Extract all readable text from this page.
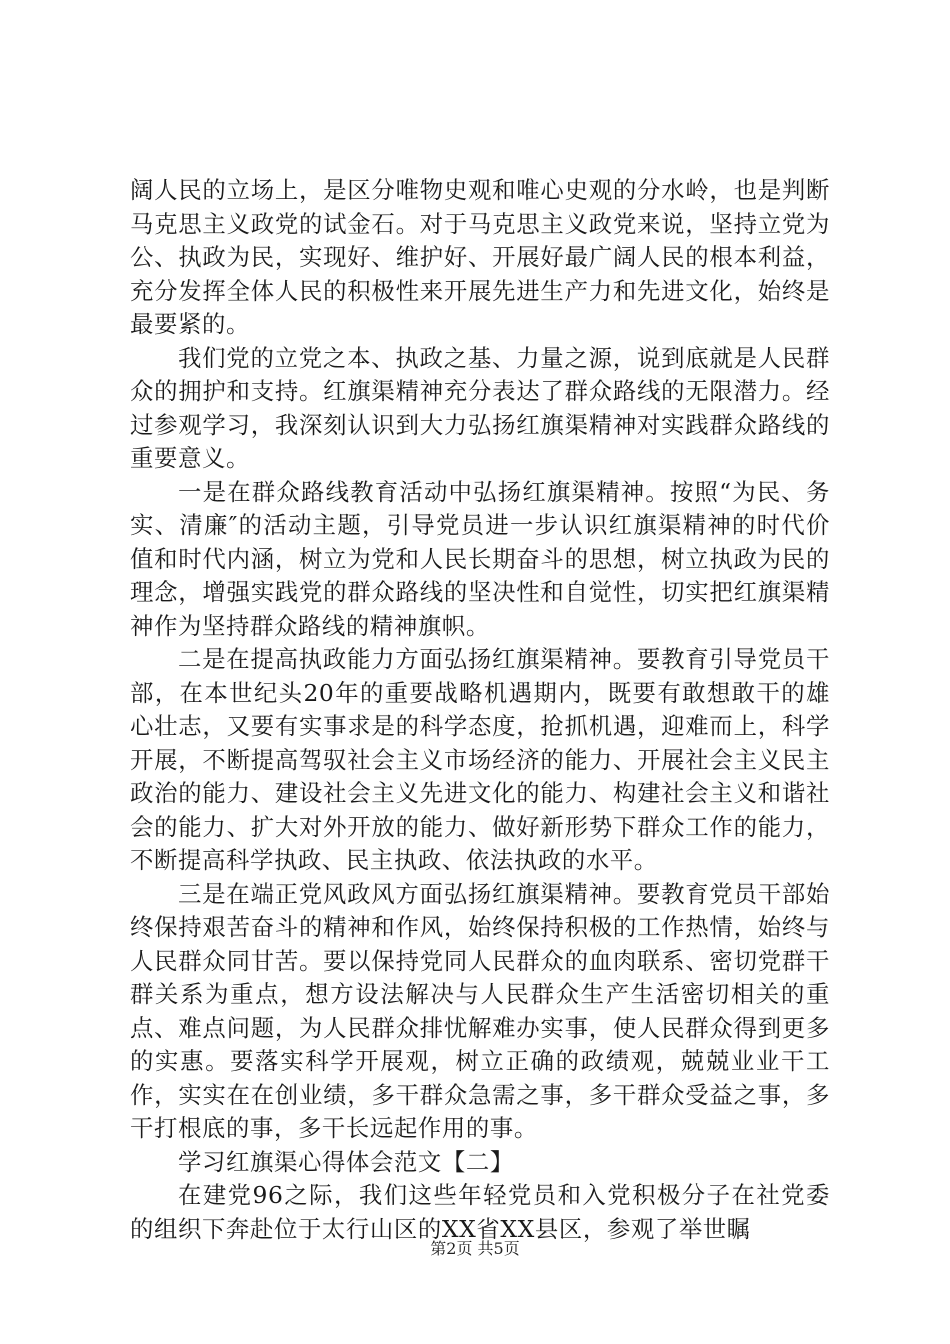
阔人民的立场上，是区分唯物史观和唯心史观的分水岭，也是判断马克思主义政党的试金石。对于马克思主义政党来说，坚持立党为公、执政为民，实现好、维护好、开展好最广阔人民的根本利益，充分发挥全体人民的积极性来开展先进生产力和先进文化，始终是最要紧的。

我们党的立党之本、执政之基、力量之源，说到底就是人民群众的拥护和支持。红旗渠精神充分表达了群众路线的无限潜力。经过参观学习，我深刻认识到大力弘扬红旗渠精神对实践群众路线的重要意义。

一是在群众路线教育活动中弘扬红旗渠精神。按照“为民、务实、清廉″的活动主题，引导党员进一步认识红旗渠精神的时代价值和时代内涵，树立为党和人民长期奋斗的思想，树立执政为民的理念，增强实践党的群众路线的坚决性和自觉性，切实把红旗渠精神作为坚持群众路线的精神旗帜。

二是在提高执政能力方面弘扬红旗渠精神。要教育引导党员干部，在本世纪头20年的重要战略机遇期内，既要有敢想敢干的雄心壮志，又要有实事求是的科学态度，抢抓机遇，迎难而上，科学开展，不断提高驾驭社会主义市场经济的能力、开展社会主义民主政治的能力、建设社会主义先进文化的能力、构建社会主义和谐社会的能力、扩大对外开放的能力、做好新形势下群众工作的能力，不断提高科学执政、民主执政、依法执政的水平。

三是在端正党风政风方面弘扬红旗渠精神。要教育党员干部始终保持艰苦奋斗的精神和作风，始终保持积极的工作热情，始终与人民群众同甘苦。要以保持党同人民群众的血肉联系、密切党群干群关系为重点，想方设法解决与人民群众生产生活密切相关的重点、难点问题，为人民群众排忧解难办实事，使人民群众得到更多的实惠。要落实科学开展观，树立正确的政绩观，兢兢业业干工作，实实在在创业绩，多干群众急需之事，多干群众受益之事，多干打根底的事，多干长远起作用的事。

学习红旗渠心得体会范文【二】

在建党96之际，我们这些年轻党员和入党积极分子在社党委的组织下奔赴位于太行山区的XX省XX县区，参观了举世瞩

第2页 共5页
